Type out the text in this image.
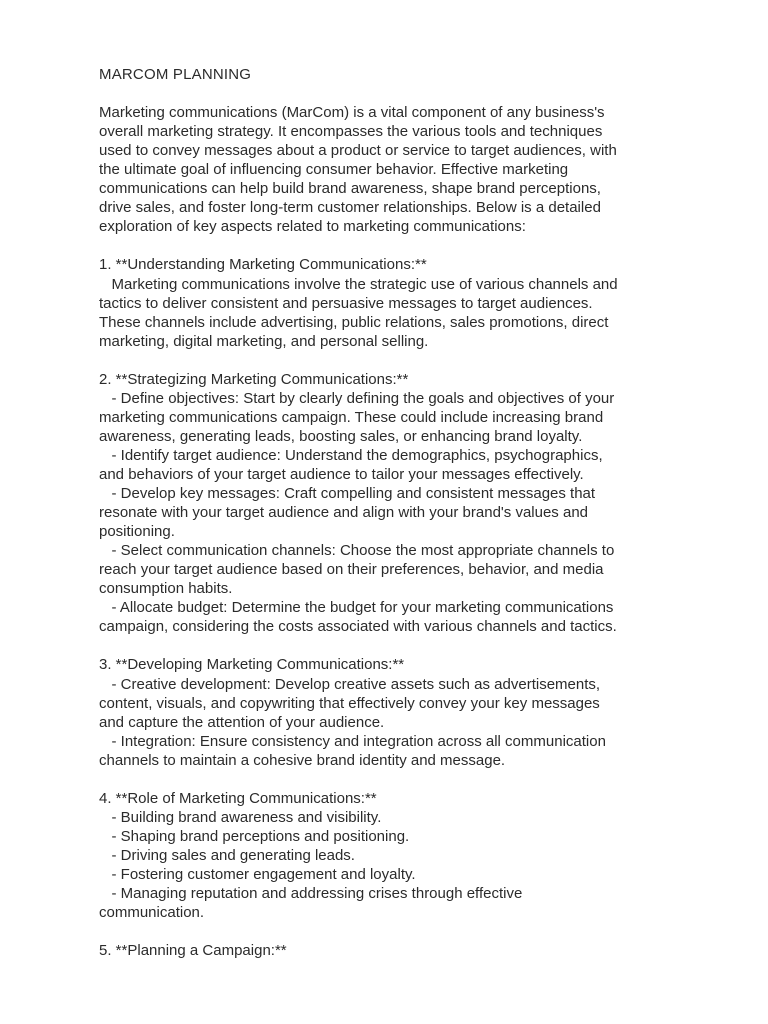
MARCOM PLANNING
Marketing communications (MarCom) is a vital component of any business's
overall marketing strategy. It encompasses the various tools and techniques
used to convey messages about a product or service to target audiences, with
the ultimate goal of influencing consumer behavior. Effective marketing
communications can help build brand awareness, shape brand perceptions,
drive sales, and foster long-term customer relationships. Below is a detailed
exploration of key aspects related to marketing communications:
1. **Understanding Marketing Communications:**
Marketing communications involve the strategic use of various channels and
tactics to deliver consistent and persuasive messages to target audiences.
These channels include advertising, public relations, sales promotions, direct
marketing, digital marketing, and personal selling.
2. **Strategizing Marketing Communications:**
- Define objectives: Start by clearly defining the goals and objectives of your
marketing communications campaign. These could include increasing brand
awareness, generating leads, boosting sales, or enhancing brand loyalty.
- Identify target audience: Understand the demographics, psychographics,
and behaviors of your target audience to tailor your messages effectively.
- Develop key messages: Craft compelling and consistent messages that
resonate with your target audience and align with your brand's values and
positioning.
- Select communication channels: Choose the most appropriate channels to
reach your target audience based on their preferences, behavior, and media
consumption habits.
- Allocate budget: Determine the budget for your marketing communications
campaign, considering the costs associated with various channels and tactics.
3. **Developing Marketing Communications:**
- Creative development: Develop creative assets such as advertisements,
content, visuals, and copywriting that effectively convey your key messages
and capture the attention of your audience.
- Integration: Ensure consistency and integration across all communication
channels to maintain a cohesive brand identity and message.
4. **Role of Marketing Communications:**
- Building brand awareness and visibility.
- Shaping brand perceptions and positioning.
- Driving sales and generating leads.
- Fostering customer engagement and loyalty.
- Managing reputation and addressing crises through effective
communication.
5. **Planning a Campaign:**
